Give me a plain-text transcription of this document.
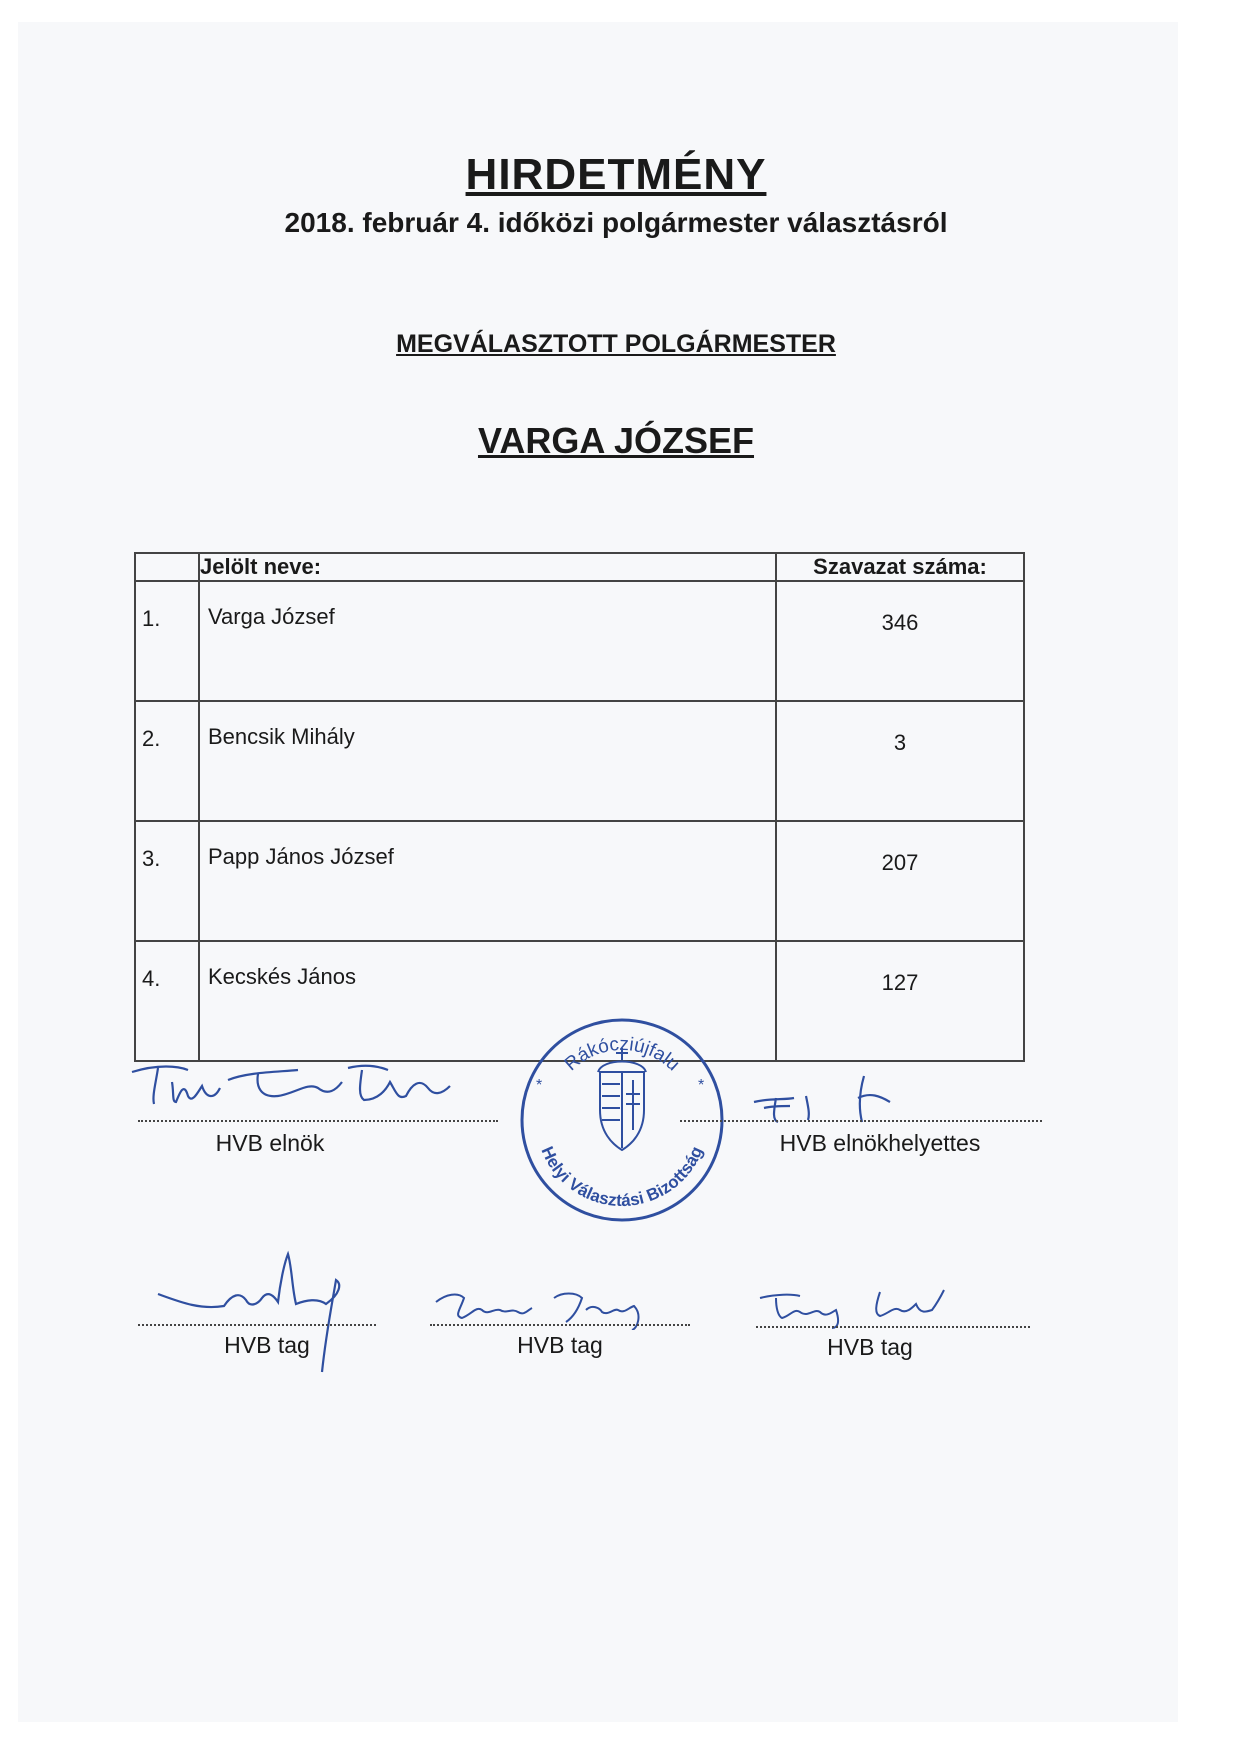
HIRDETMÉNY
2018. február 4. időközi polgármester választásról
MEGVÁLASZTOTT POLGÁRMESTER
VARGA JÓZSEF
	Jelölt neve:	Szavazat száma:
1.	Varga József	346
2.	Bencsik Mihály	3
3.	Papp János József	207
4.	Kecskés János	127
HVB elnök
Rákócziújfalu
Helyi Választási Bizottság
*	*
HVB elnökhelyettes
HVB tag	HVB tag	HVB tag
